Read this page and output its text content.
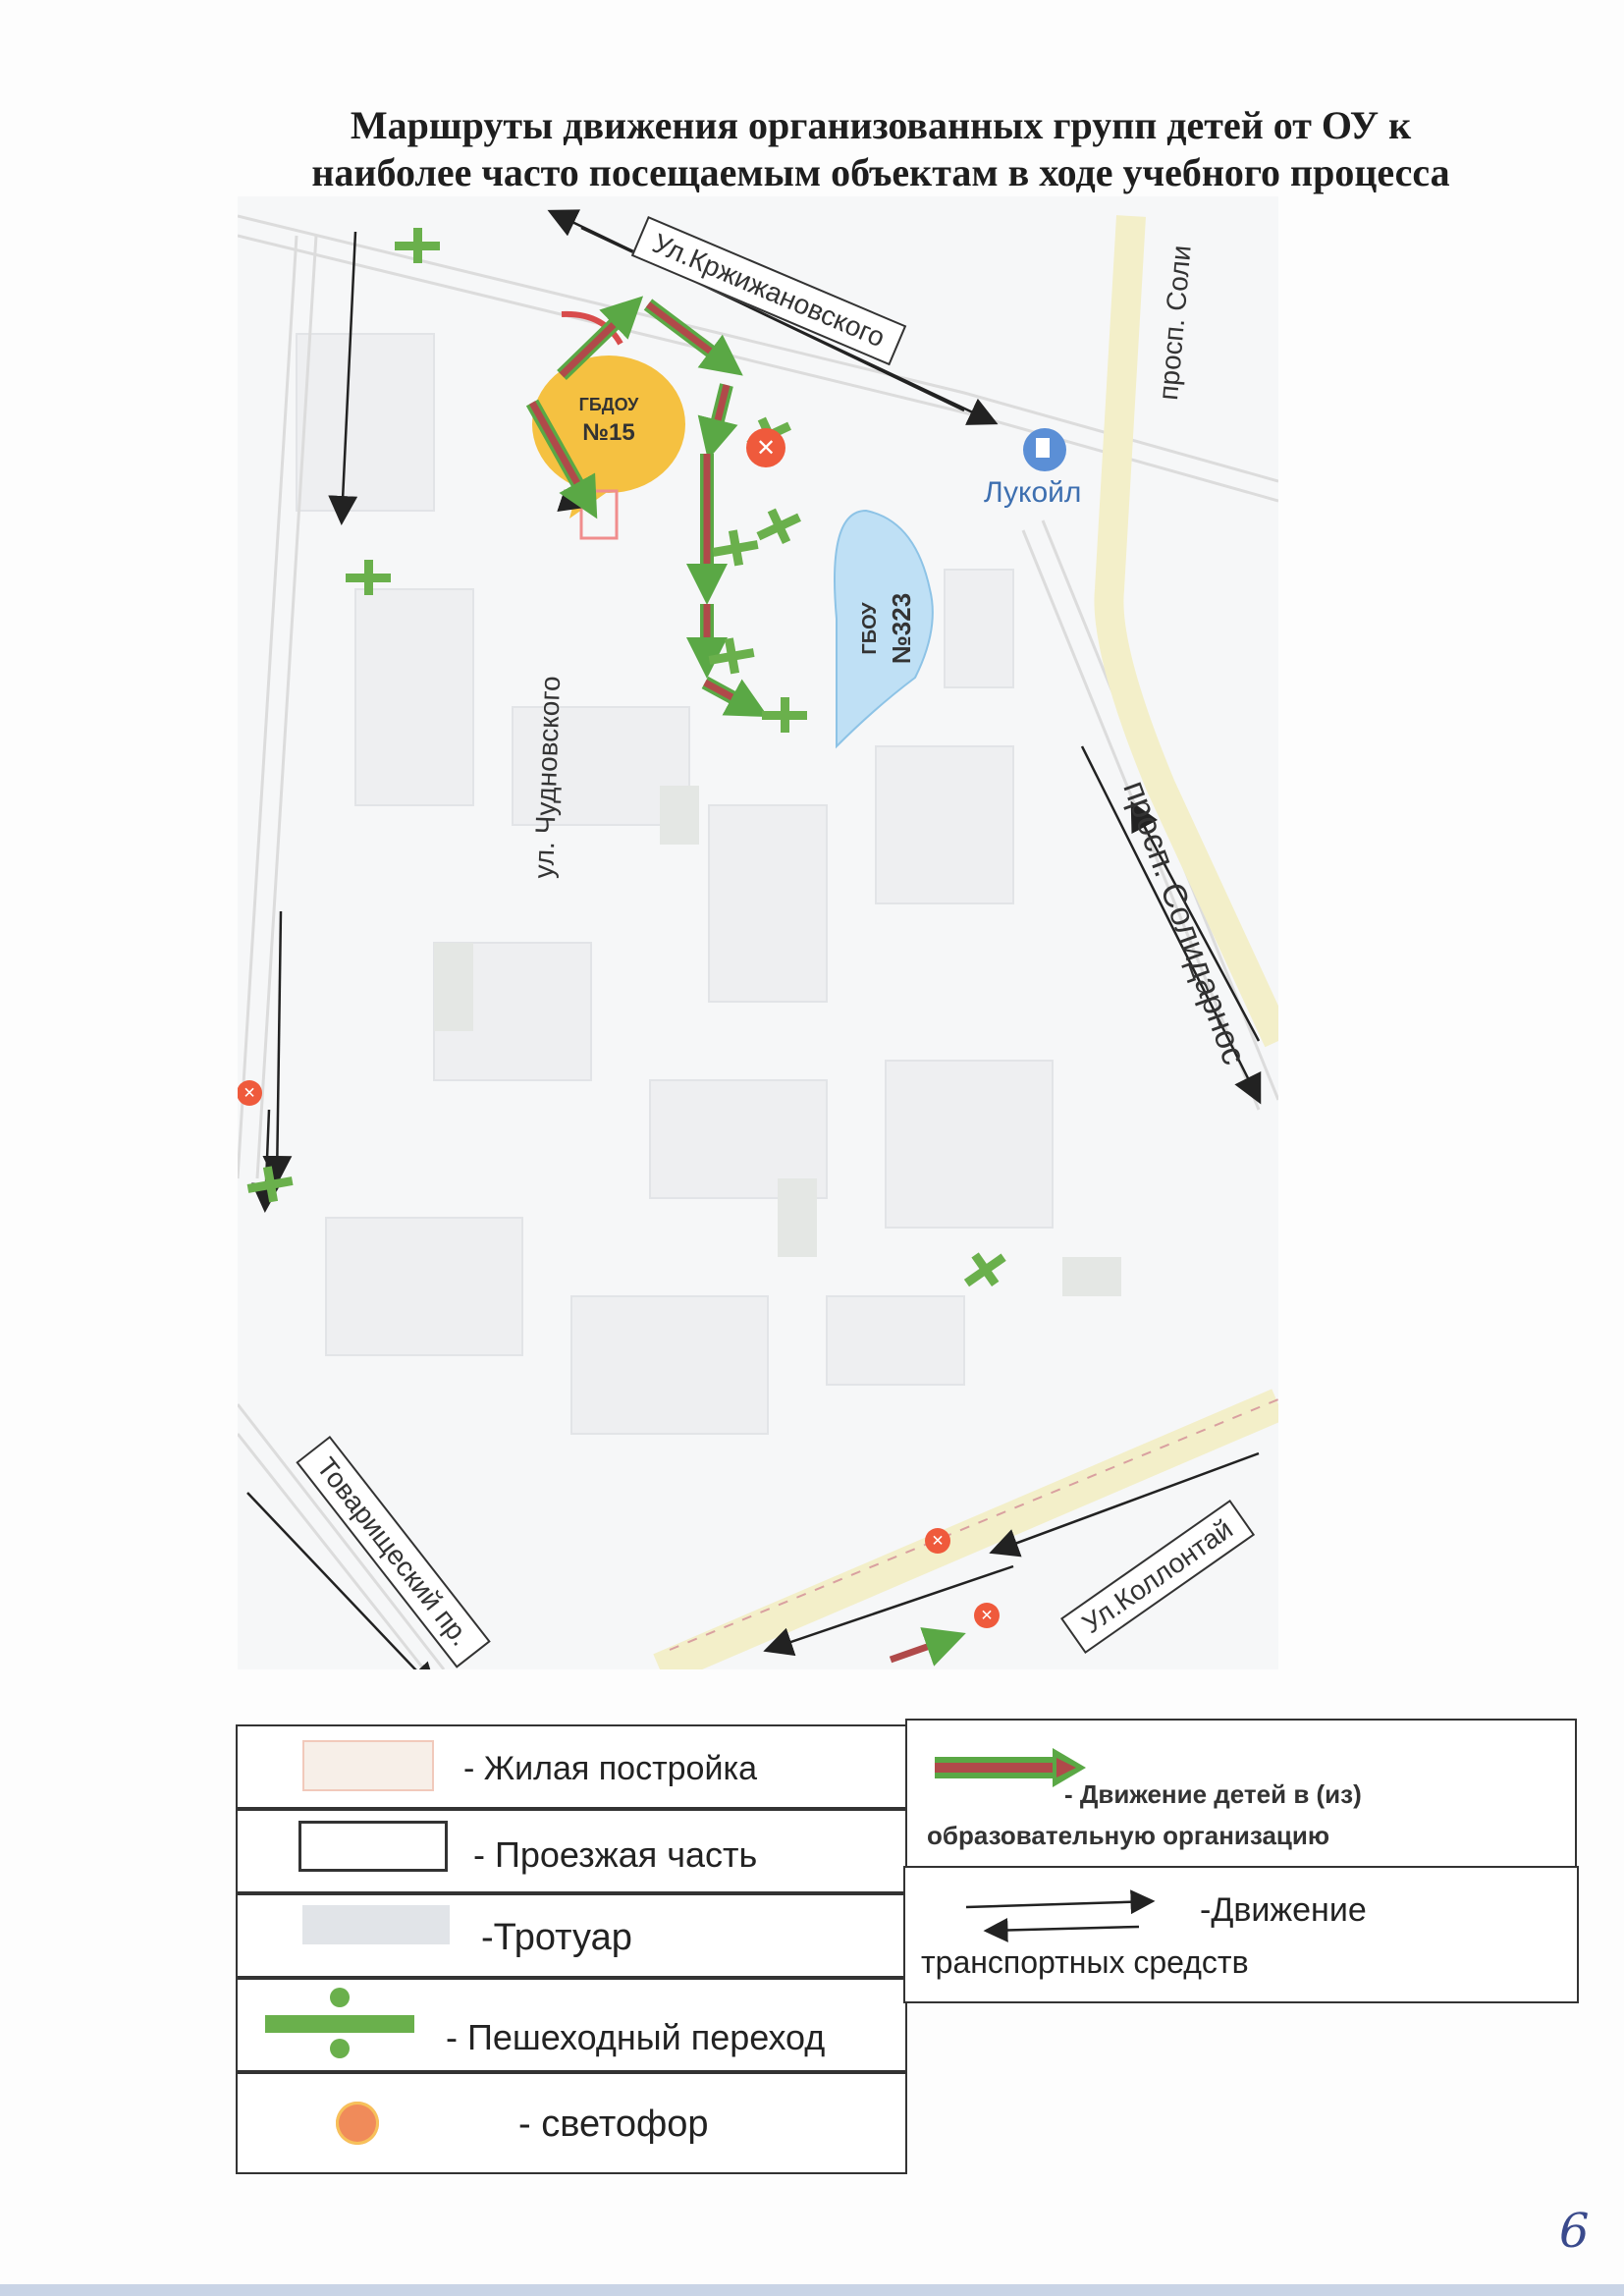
Маршруты движения организованных групп детей от ОУ к
наиболее часто посещаемым объектам в ходе учебного процесса
ГБДОУ
№15
ГБОУ №323
✕
✕
✕
✕
Ул.Кржижановского
ул. Чудновского
просп. Соли
просп. Солидарнос
Товарищеский пр.	Ул.Коллонтай
Лукойл
- Жилая постройка
- Проезжая часть
-Тротуар
- Пешеходный переход
- светофор
- Движение детей в (из)
образовательную организацию
-Движение
транспортных средств
6
